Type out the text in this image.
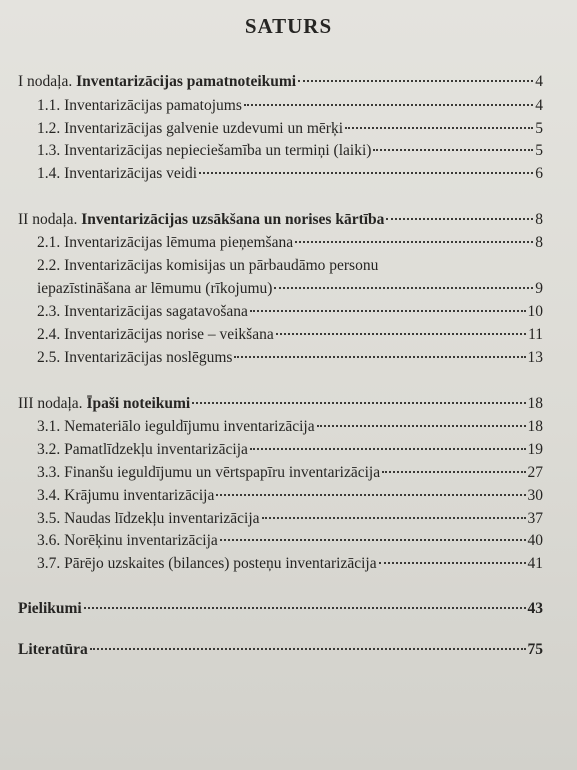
SATURS
I nodaļa. Inventarizācijas pamatnoteikumi	4
1.1. Inventarizācijas pamatojums	4
1.2. Inventarizācijas galvenie uzdevumi un mērķi	5
1.3. Inventarizācijas nepieciešamība un termiņi (laiki)	5
1.4. Inventarizācijas veidi	6
II nodaļa. Inventarizācijas uzsākšana un norises kārtība	8
2.1. Inventarizācijas lēmuma pieņemšana	8
2.2. Inventarizācijas komisijas un pārbaudāmo personu
iepazīstināšana ar lēmumu (rīkojumu)	9
2.3. Inventarizācijas sagatavošana	10
2.4. Inventarizācijas norise – veikšana	11
2.5. Inventarizācijas noslēgums	13
III nodaļa. Īpaši noteikumi	18
3.1. Nemateriālo ieguldījumu inventarizācija	18
3.2. Pamatlīdzekļu inventarizācija	19
3.3. Finanšu ieguldījumu un vērtspapīru inventarizācija	27
3.4. Krājumu inventarizācija	30
3.5. Naudas līdzekļu inventarizācija	37
3.6. Norēķinu inventarizācija	40
3.7. Pārējo uzskaites (bilances) posteņu inventarizācija	41
Pielikumi	43
Literatūra	75
